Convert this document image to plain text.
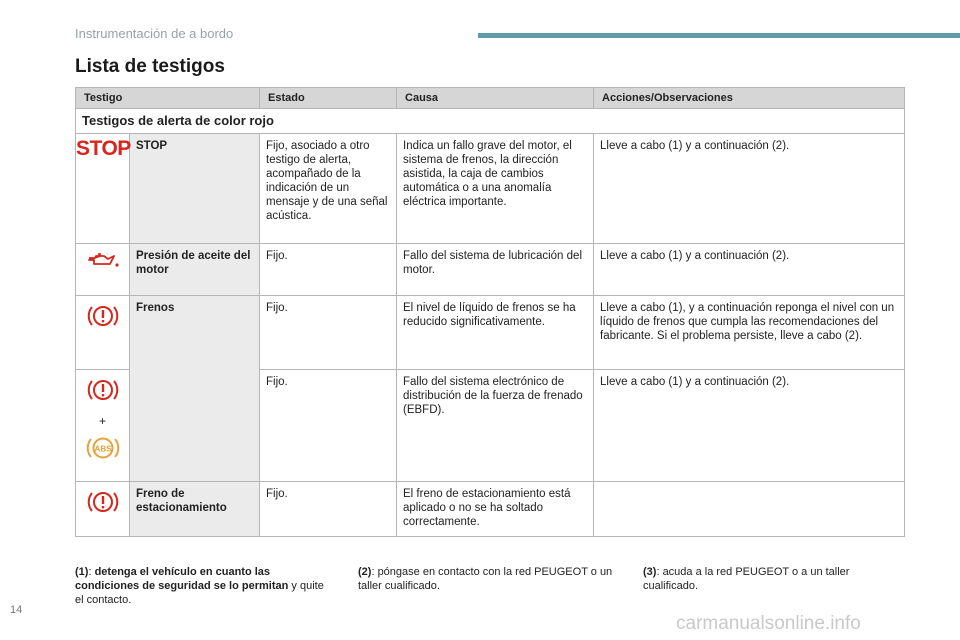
Instrumentación de a bordo
Lista de testigos
Testigo		Estado	Causa	Acciones/Observaciones
Testigos de alerta de color rojo				
STOP	STOP	Fijo, asociado a otro testigo de alerta, acompañado de la indicación de un mensaje y de una señal acústica.	Indica un fallo grave del motor, el sistema de frenos, la dirección asistida, la caja de cambios automática o a una anomalía eléctrica importante.	Lleve a cabo (1) y a continuación (2).
	Presión de aceite del motor	Fijo.	Fallo del sistema de lubricación del motor.	Lleve a cabo (1) y a continuación (2).
	Frenos	Fijo.	El nivel de líquido de frenos se ha reducido significativamente.	Lleve a cabo (1), y a continuación reponga el nivel con un líquido de frenos que cumpla las recomendaciones del fabricante. Si el problema persiste, lleve a cabo (2).

+
ABS		Fijo.	Fallo del sistema electrónico de distribución de la fuerza de frenado (EBFD).	Lleve a cabo (1) y a continuación (2).
	Freno de estacionamiento	Fijo.	El freno de estacionamiento está aplicado o no se ha soltado correctamente.	
(1): detenga el vehículo en cuanto las condiciones de seguridad se lo permitan y quite el contacto.
(2): póngase en contacto con la red PEUGEOT o un taller cualificado.
(3): acuda a la red PEUGEOT o a un taller cualificado.
14
carmanualsonline.info
